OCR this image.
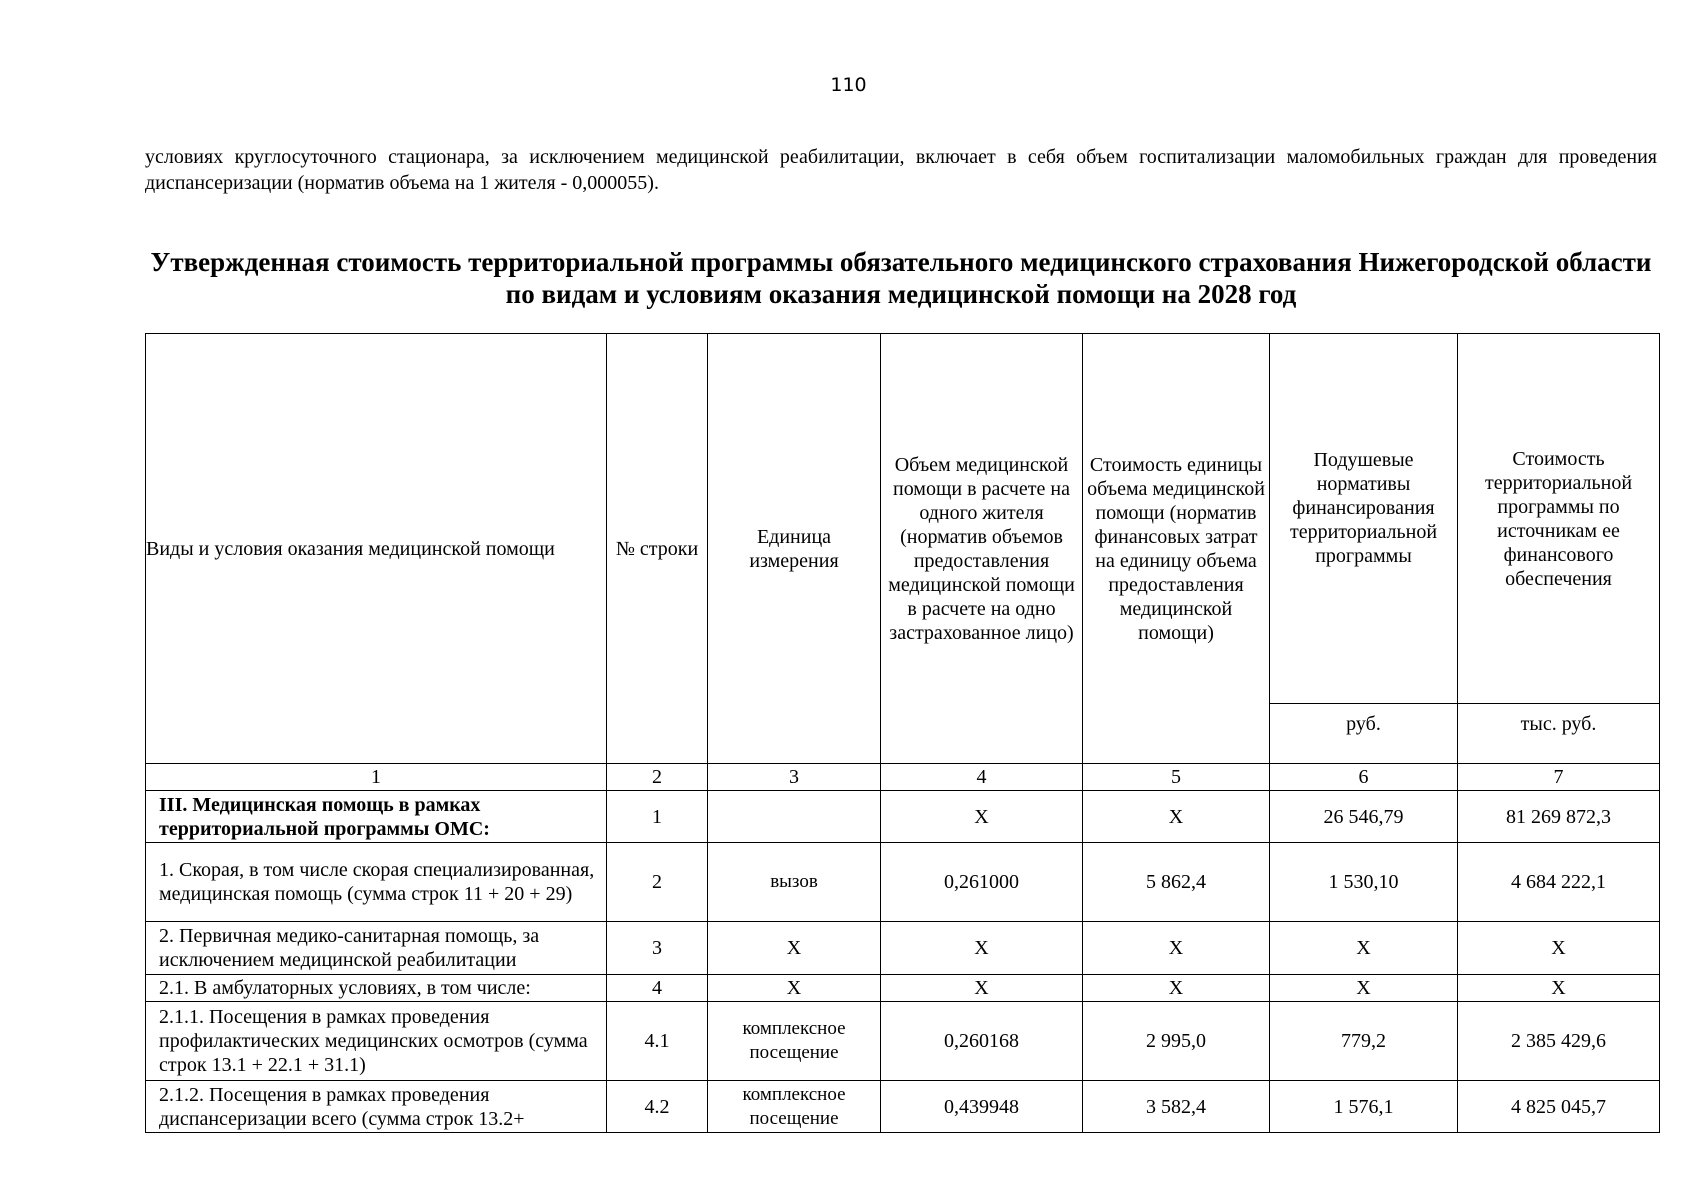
110
условиях круглосуточного стационара, за исключением медицинской реабилитации, включает в себя объем госпитализации маломобильных граждан для проведения диспансеризации (норматив объема на 1 жителя - 0,000055).
Утвержденная стоимость территориальной программы обязательного медицинского страхования Нижегородской области по видам и условиям оказания медицинской помощи на 2028 год
Виды и условия оказания медицинской помощи	№ строки	Единица измерения	Объем медицинской помощи в расчете на одного жителя (норматив объемов предоставления медицинской помощи в расчете на одно застрахованное лицо)	Стоимость единицы объема медицинской помощи (норматив финансовых затрат на единицу объема предоставления медицинской помощи)	Подушевые нормативы финансирования территориальной программы	Стоимость территориальной программы по источникам ее финансового обеспечения
					руб.	тыс. руб.
1	2	3	4	5	6	7
III. Медицинская помощь в рамках территориальной программы ОМС:	1		X	X	26 546,79	81 269 872,3
1. Скорая, в том числе скорая специализированная, медицинская помощь (сумма строк 11 + 20 + 29)	2	вызов	0,261000	5 862,4	1 530,10	4 684 222,1
2. Первичная медико-санитарная помощь, за исключением медицинской реабилитации	3	X	X	X	X	X
2.1. В амбулаторных условиях, в том числе:	4	X	X	X	X	X
2.1.1. Посещения в рамках проведения профилактических медицинских осмотров (сумма строк 13.1 + 22.1 + 31.1)	4.1	комплексное посещение	0,260168	2 995,0	779,2	2 385 429,6
2.1.2. Посещения в рамках проведения диспансеризации всего (сумма строк 13.2+	4.2	комплексное посещение	0,439948	3 582,4	1 576,1	4 825 045,7
